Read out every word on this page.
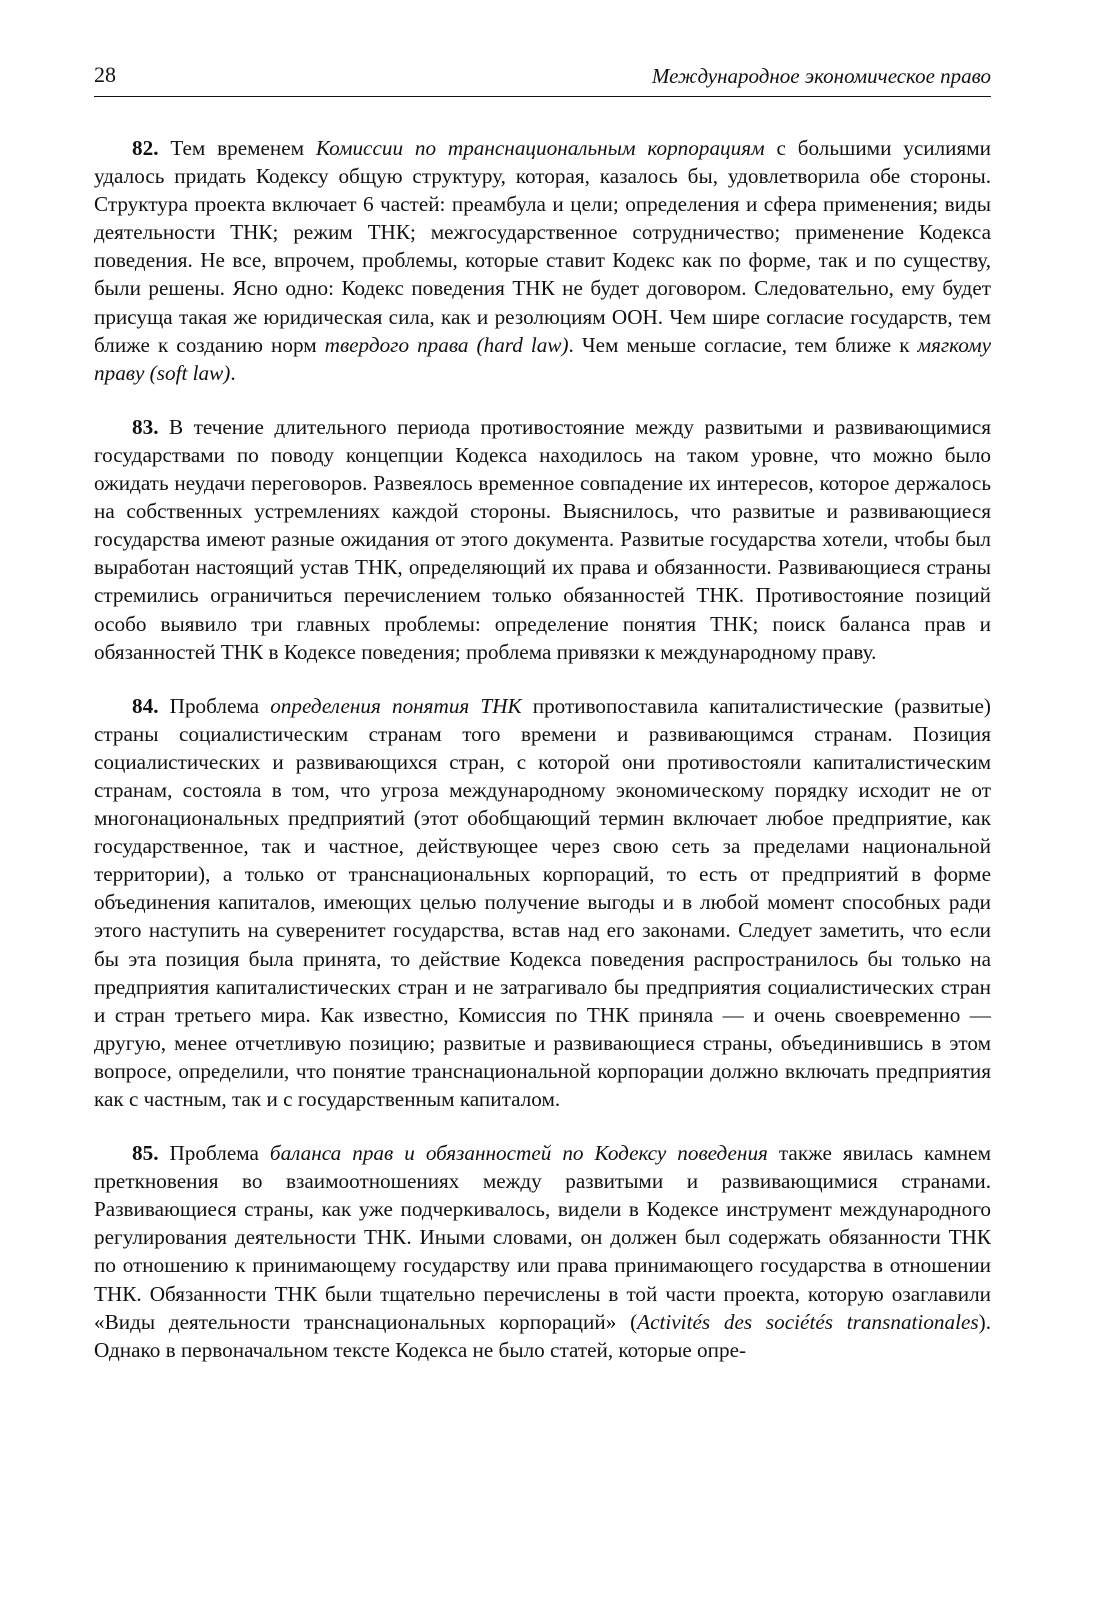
28	Международное экономическое право

82. Тем временем Комиссии по транснациональным корпорациям с большими усилиями удалось придать Кодексу общую структуру, которая, казалось бы, удовлетворила обе стороны. Структура проекта включает 6 частей: преамбула и цели; определения и сфера применения; виды деятельности ТНК; режим ТНК; межгосударственное сотрудничество; применение Кодекса поведения. Не все, впрочем, проблемы, которые ставит Кодекс как по форме, так и по существу, были решены. Ясно одно: Кодекс поведения ТНК не будет договором. Следовательно, ему будет присуща такая же юридическая сила, как и резолюциям ООН. Чем шире согласие государств, тем ближе к созданию норм твердого права (hard law). Чем меньше согласие, тем ближе к мягкому праву (soft law).

83. В течение длительного периода противостояние между развитыми и развивающимися государствами по поводу концепции Кодекса находилось на таком уровне, что можно было ожидать неудачи переговоров. Развеялось временное совпадение их интересов, которое держалось на собственных устремлениях каждой стороны. Выяснилось, что развитые и развивающиеся государства имеют разные ожидания от этого документа. Развитые государства хотели, чтобы был выработан настоящий устав ТНК, определяющий их права и обязанности. Развивающиеся страны стремились ограничиться перечислением только обязанностей ТНК. Противостояние позиций особо выявило три главных проблемы: определение понятия ТНК; поиск баланса прав и обязанностей ТНК в Кодексе поведения; проблема привязки к международному праву.

84. Проблема определения понятия ТНК противопоставила капиталистические (развитые) страны социалистическим странам того времени и развивающимся странам. Позиция социалистических и развивающихся стран, с которой они противостояли капиталистическим странам, состояла в том, что угроза международному экономическому порядку исходит не от многонациональных предприятий (этот обобщающий термин включает любое предприятие, как государственное, так и частное, действующее через свою сеть за пределами национальной территории), а только от транснациональных корпораций, то есть от предприятий в форме объединения капиталов, имеющих целью получение выгоды и в любой момент способных ради этого наступить на суверенитет государства, встав над его законами. Следует заметить, что если бы эта позиция была принята, то действие Кодекса поведения распространилось бы только на предприятия капиталистических стран и не затрагивало бы предприятия социалистических стран и стран третьего мира. Как известно, Комиссия по ТНК приняла — и очень своевременно — другую, менее отчетливую позицию; развитые и развивающиеся страны, объединившись в этом вопросе, определили, что понятие транснациональной корпорации должно включать предприятия как с частным, так и с государственным капиталом.

85. Проблема баланса прав и обязанностей по Кодексу поведения также явилась камнем преткновения во взаимоотношениях между развитыми и развивающимися странами. Развивающиеся страны, как уже подчеркивалось, видели в Кодексе инструмент международного регулирования деятельности ТНК. Иными словами, он должен был содержать обязанности ТНК по отношению к принимающему государству или права принимающего государства в отношении ТНК. Обязанности ТНК были тщательно перечислены в той части проекта, которую озаглавили «Виды деятельности транснациональных корпораций» (Activités des sociétés transnationales). Однако в первоначальном тексте Кодекса не было статей, которые опре-
